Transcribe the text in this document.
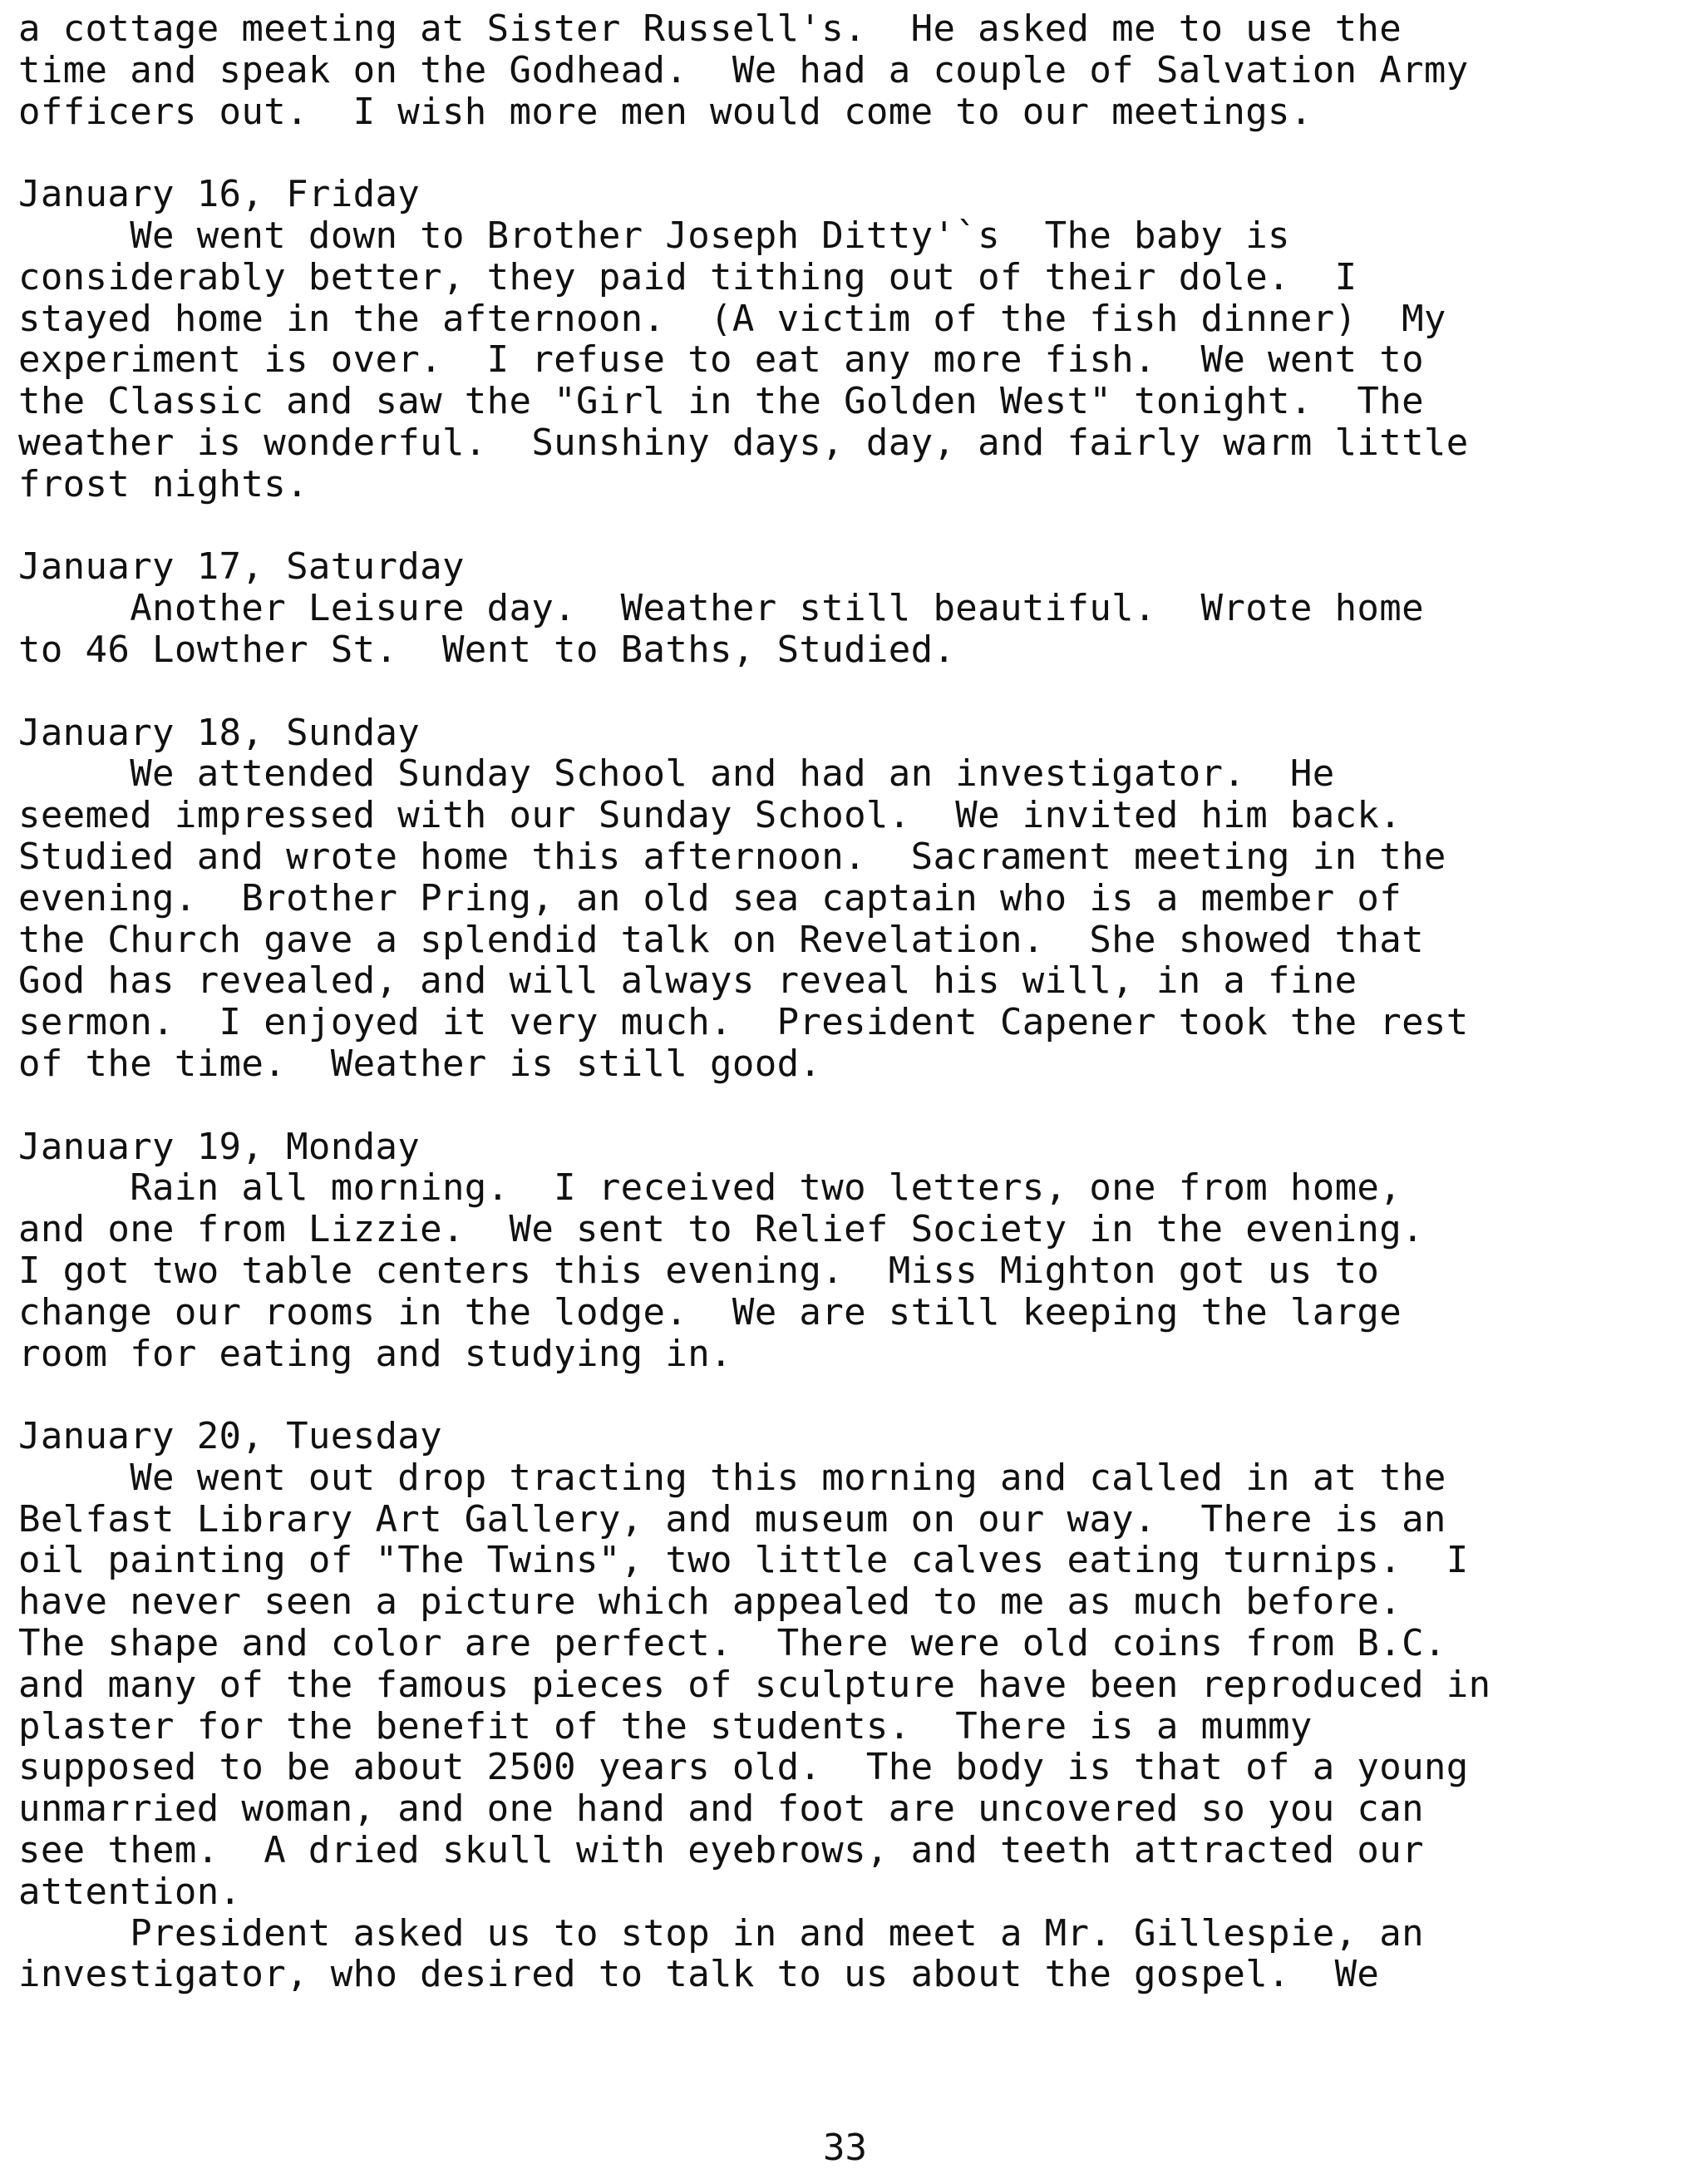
a cottage meeting at Sister Russell's.  He asked me to use the
time and speak on the Godhead.  We had a couple of Salvation Army
officers out.  I wish more men would come to our meetings.
January 16, Friday
We went down to Brother Joseph Ditty'`s  The baby is
considerably better, they paid tithing out of their dole.  I
stayed home in the afternoon.  (A victim of the fish dinner)  My
experiment is over.  I refuse to eat any more fish.  We went to
the Classic and saw the "Girl in the Golden West" tonight.  The
weather is wonderful.  Sunshiny days, day, and fairly warm little
frost nights.
January 17, Saturday
Another Leisure day.  Weather still beautiful.  Wrote home
to 46 Lowther St.  Went to Baths, Studied.
January 18, Sunday
We attended Sunday School and had an investigator.  He
seemed impressed with our Sunday School.  We invited him back.
Studied and wrote home this afternoon.  Sacrament meeting in the
evening.  Brother Pring, an old sea captain who is a member of
the Church gave a splendid talk on Revelation.  She showed that
God has revealed, and will always reveal his will, in a fine
sermon.  I enjoyed it very much.  President Capener took the rest
of the time.  Weather is still good.
January 19, Monday
Rain all morning.  I received two letters, one from home,
and one from Lizzie.  We sent to Relief Society in the evening.
I got two table centers this evening.  Miss Mighton got us to
change our rooms in the lodge.  We are still keeping the large
room for eating and studying in.
January 20, Tuesday
We went out drop tracting this morning and called in at the
Belfast Library Art Gallery, and museum on our way.  There is an
oil painting of "The Twins", two little calves eating turnips.  I
have never seen a picture which appealed to me as much before.
The shape and color are perfect.  There were old coins from B.C.
and many of the famous pieces of sculpture have been reproduced in
plaster for the benefit of the students.  There is a mummy
supposed to be about 2500 years old.  The body is that of a young
unmarried woman, and one hand and foot are uncovered so you can
see them.  A dried skull with eyebrows, and teeth attracted our
attention.
President asked us to stop in and meet a Mr. Gillespie, an
investigator, who desired to talk to us about the gospel.  We
33
